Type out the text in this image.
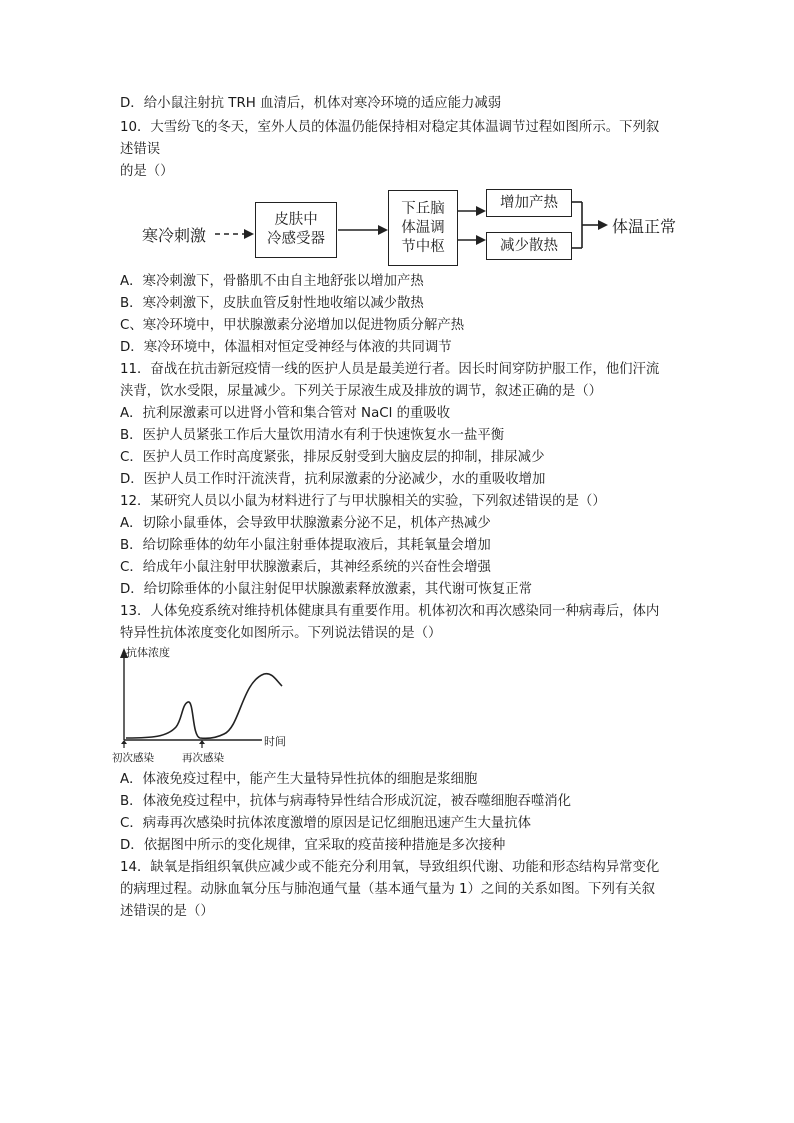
D．给小鼠注射抗 TRH 血清后，机体对寒冷环境的适应能力减弱
10．大雪纷飞的冬天，室外人员的体温仍能保持相对稳定其体温调节过程如图所示。下列叙
述错误
的是（）
寒冷刺激
皮肤中
冷感受器
下丘脑
体温调
节中枢
增加产热
减少散热
体温正常
A．寒冷刺激下，骨骼肌不由自主地舒张以增加产热
B．寒冷刺激下，皮肤血管反射性地收缩以减少散热
C、寒冷环境中，甲状腺激素分泌增加以促进物质分解产热
D．寒冷环境中，体温相对恒定受神经与体液的共同调节
11．奋战在抗击新冠疫情一线的医护人员是最美逆行者。因长时间穿防护服工作，他们汗流
浃背，饮水受限，尿量减少。下列关于尿液生成及排放的调节，叙述正确的是（）
A．抗利尿激素可以进肾小管和集合管对 NaCl 的重吸收
B．医护人员紧张工作后大量饮用清水有利于快速恢复水一盐平衡
C．医护人员工作时高度紧张，排尿反射受到大脑皮层的抑制，排尿减少
D．医护人员工作时汗流浃背，抗利尿激素的分泌减少，水的重吸收增加
12．某研究人员以小鼠为材料进行了与甲状腺相关的实验，下列叙述错误的是（）
A．切除小鼠垂体，会导致甲状腺激素分泌不足，机体产热减少
B．给切除垂体的幼年小鼠注射垂体提取液后，其耗氧量会增加
C．给成年小鼠注射甲状腺激素后，其神经系统的兴奋性会增强
D．给切除垂体的小鼠注射促甲状腺激素释放激素，其代谢可恢复正常
13．人体免疫系统对维持机体健康具有重要作用。机体初次和再次感染同一种病毒后，体内
特异性抗体浓度变化如图所示。下列说法错误的是（）
抗体浓度
时间
初次感染	再次感染
A．体液免疫过程中，能产生大量特异性抗体的细胞是浆细胞
B．体液免疫过程中，抗体与病毒特异性结合形成沉淀，被吞噬细胞吞噬消化
C．病毒再次感染时抗体浓度激增的原因是记忆细胞迅速产生大量抗体
D．依据图中所示的变化规律，宜采取的疫苗接种措施是多次接种
14．缺氧是指组织氧供应减少或不能充分利用氧，导致组织代谢、功能和形态结构异常变化
的病理过程。动脉血氧分压与肺泡通气量（基本通气量为 1）之间的关系如图。下列有关叙
述错误的是（）
